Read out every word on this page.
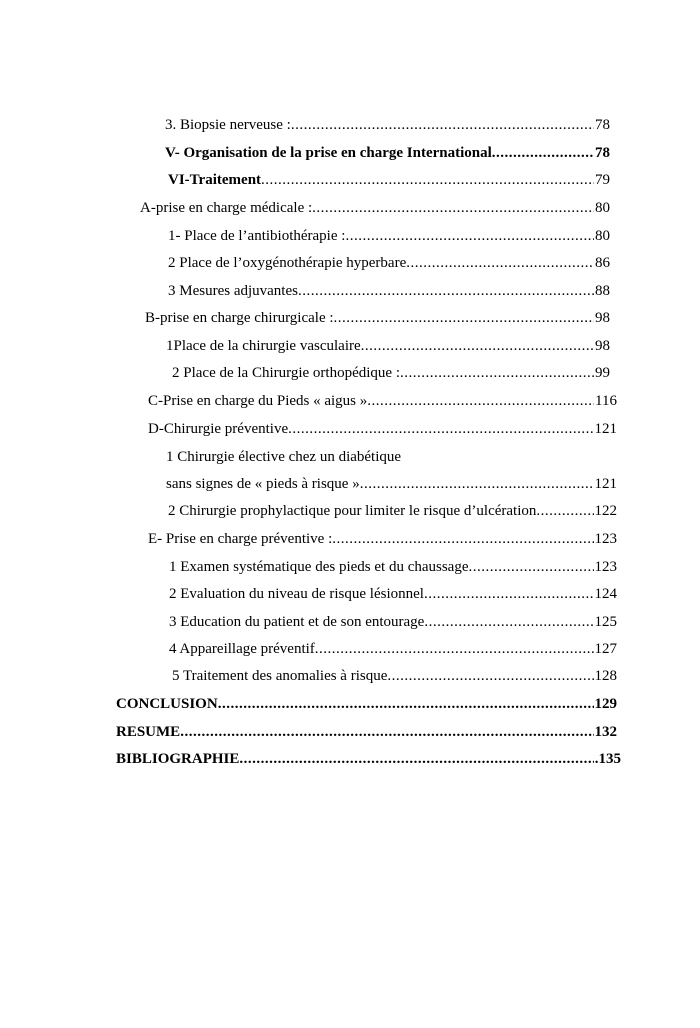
3. Biopsie nerveuse : .....	78
V- Organisation de la prise en charge International .....	78
VI-Traitement .....	79
A-prise en charge médicale : .....	80
1- Place de l’antibiothérapie : .....	80
2 Place de l’oxygénothérapie hyperbare .....	86
3 Mesures adjuvantes .....	88
B-prise en charge chirurgicale : .....	98
1Place de la chirurgie vasculaire .....	98
2 Place de la Chirurgie orthopédique : .....	99
C-Prise en charge du Pieds « aigus » .....	116
D-Chirurgie préventive .....	121
1 Chirurgie élective chez un diabétique
sans signes de « pieds à risque » .....	121
2 Chirurgie prophylactique pour limiter le risque d’ulcération .....	122
E- Prise en charge préventive : .....	123
1 Examen systématique des pieds et du chaussage .....	123
2 Evaluation du niveau de risque lésionnel .....	124
3 Education du patient et de son entourage .....	125
4 Appareillage préventif .....	127
5 Traitement des anomalies à risque .....	128
CONCLUSION .....	129
RESUME .....	132
BIBLIOGRAPHIE .....	.135
